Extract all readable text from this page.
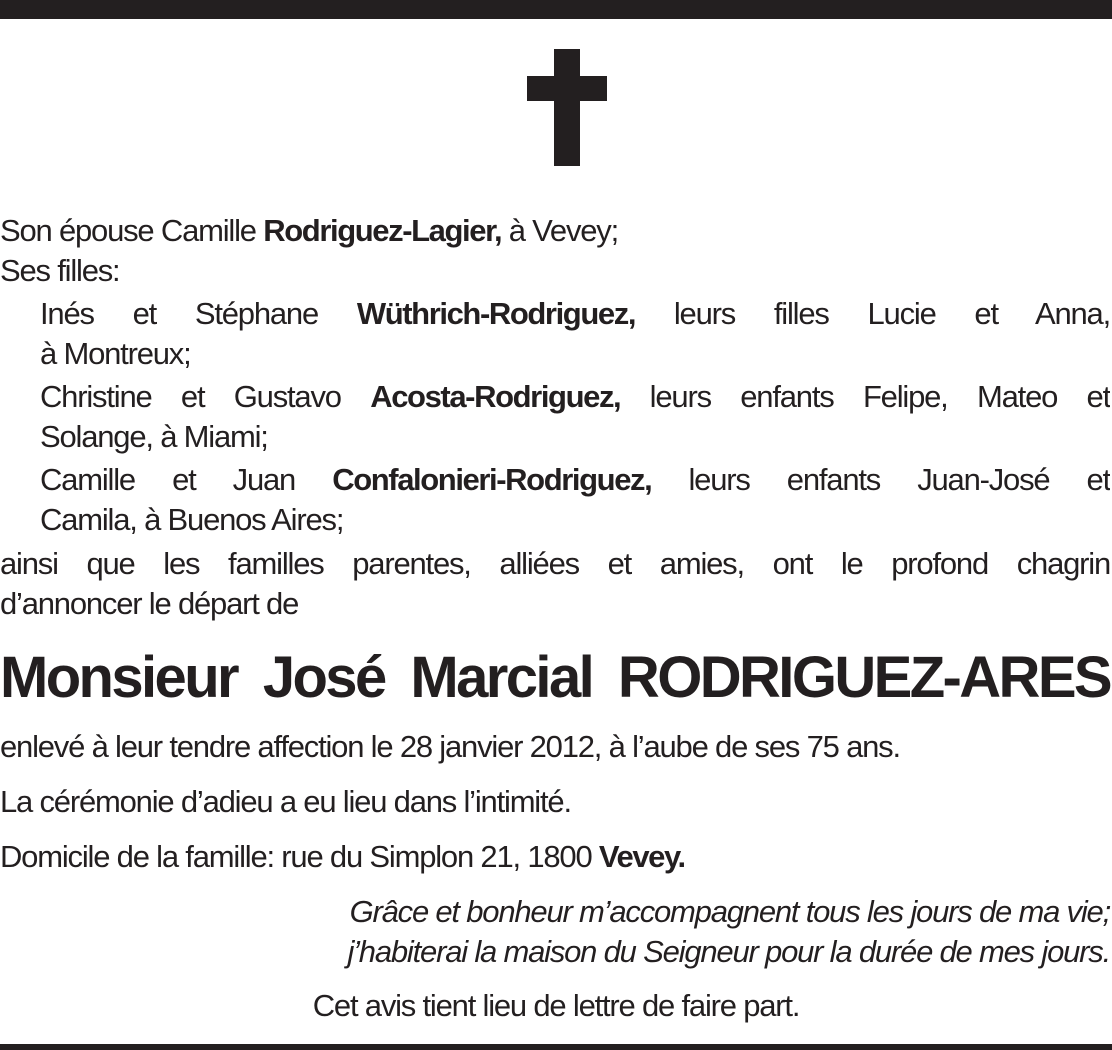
Son épouse Camille Rodriguez-Lagier, à Vevey;
Ses filles:
Inés et Stéphane Wüthrich-Rodriguez, leurs filles Lucie et Anna,
à Montreux;
Christine et Gustavo Acosta-Rodriguez, leurs enfants Felipe, Mateo et
Solange, à Miami;
Camille et Juan Confalonieri-Rodriguez, leurs enfants Juan-José et
Camila, à Buenos Aires;
ainsi que les familles parentes, alliées et amies, ont le profond chagrin
d’annoncer le départ de
Monsieur José Marcial RODRIGUEZ-ARES
enlevé à leur tendre affection le 28 janvier 2012, à l’aube de ses 75 ans.
La cérémonie d’adieu a eu lieu dans l’intimité.
Domicile de la famille: rue du Simplon 21, 1800 Vevey.
Grâce et bonheur m’accompagnent tous les jours de ma vie;
j’habiterai la maison du Seigneur pour la durée de mes jours.
Cet avis tient lieu de lettre de faire part.
